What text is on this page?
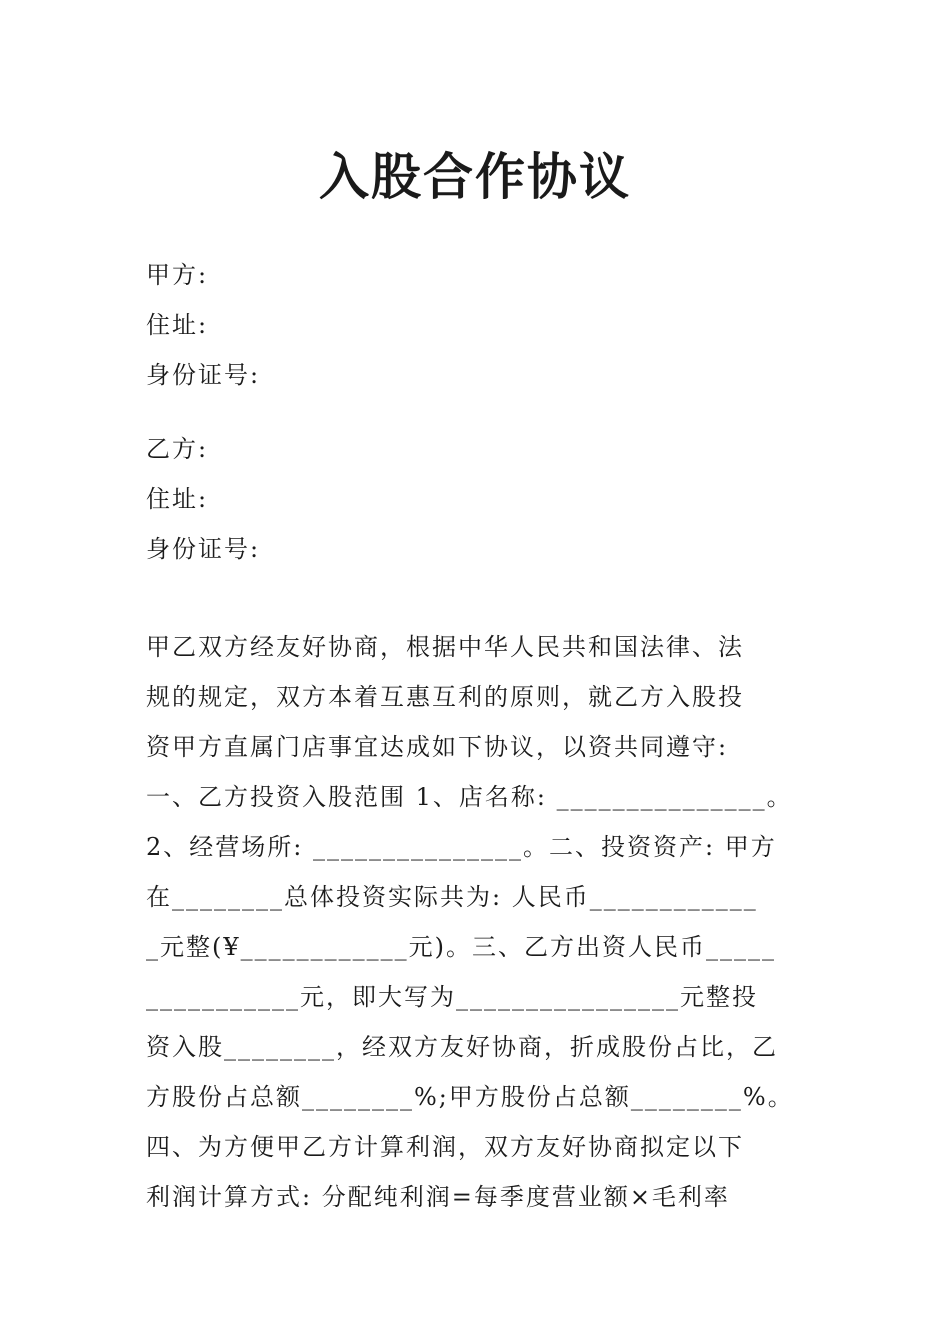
入股合作协议
甲方:
住址:
身份证号:
乙方:
住址:
身份证号:
甲乙双方经友好协商，根据中华人民共和国法律、法
规的规定，双方本着互惠互利的原则，就乙方入股投
资甲方直属门店事宜达成如下协议，以资共同遵守:
一、乙方投资入股范围 1、店名称: _______________。
2、经营场所: _______________。二、投资资产: 甲方
在________总体投资实际共为: 人民币____________
_元整(¥____________元)。三、乙方出资人民币_____
___________元，即大写为________________元整投
资入股________，经双方友好协商，折成股份占比，乙
方股份占总额________%;甲方股份占总额________%。
四、为方便甲乙方计算利润，双方友好协商拟定以下
利润计算方式: 分配纯利润=每季度营业额×毛利率
